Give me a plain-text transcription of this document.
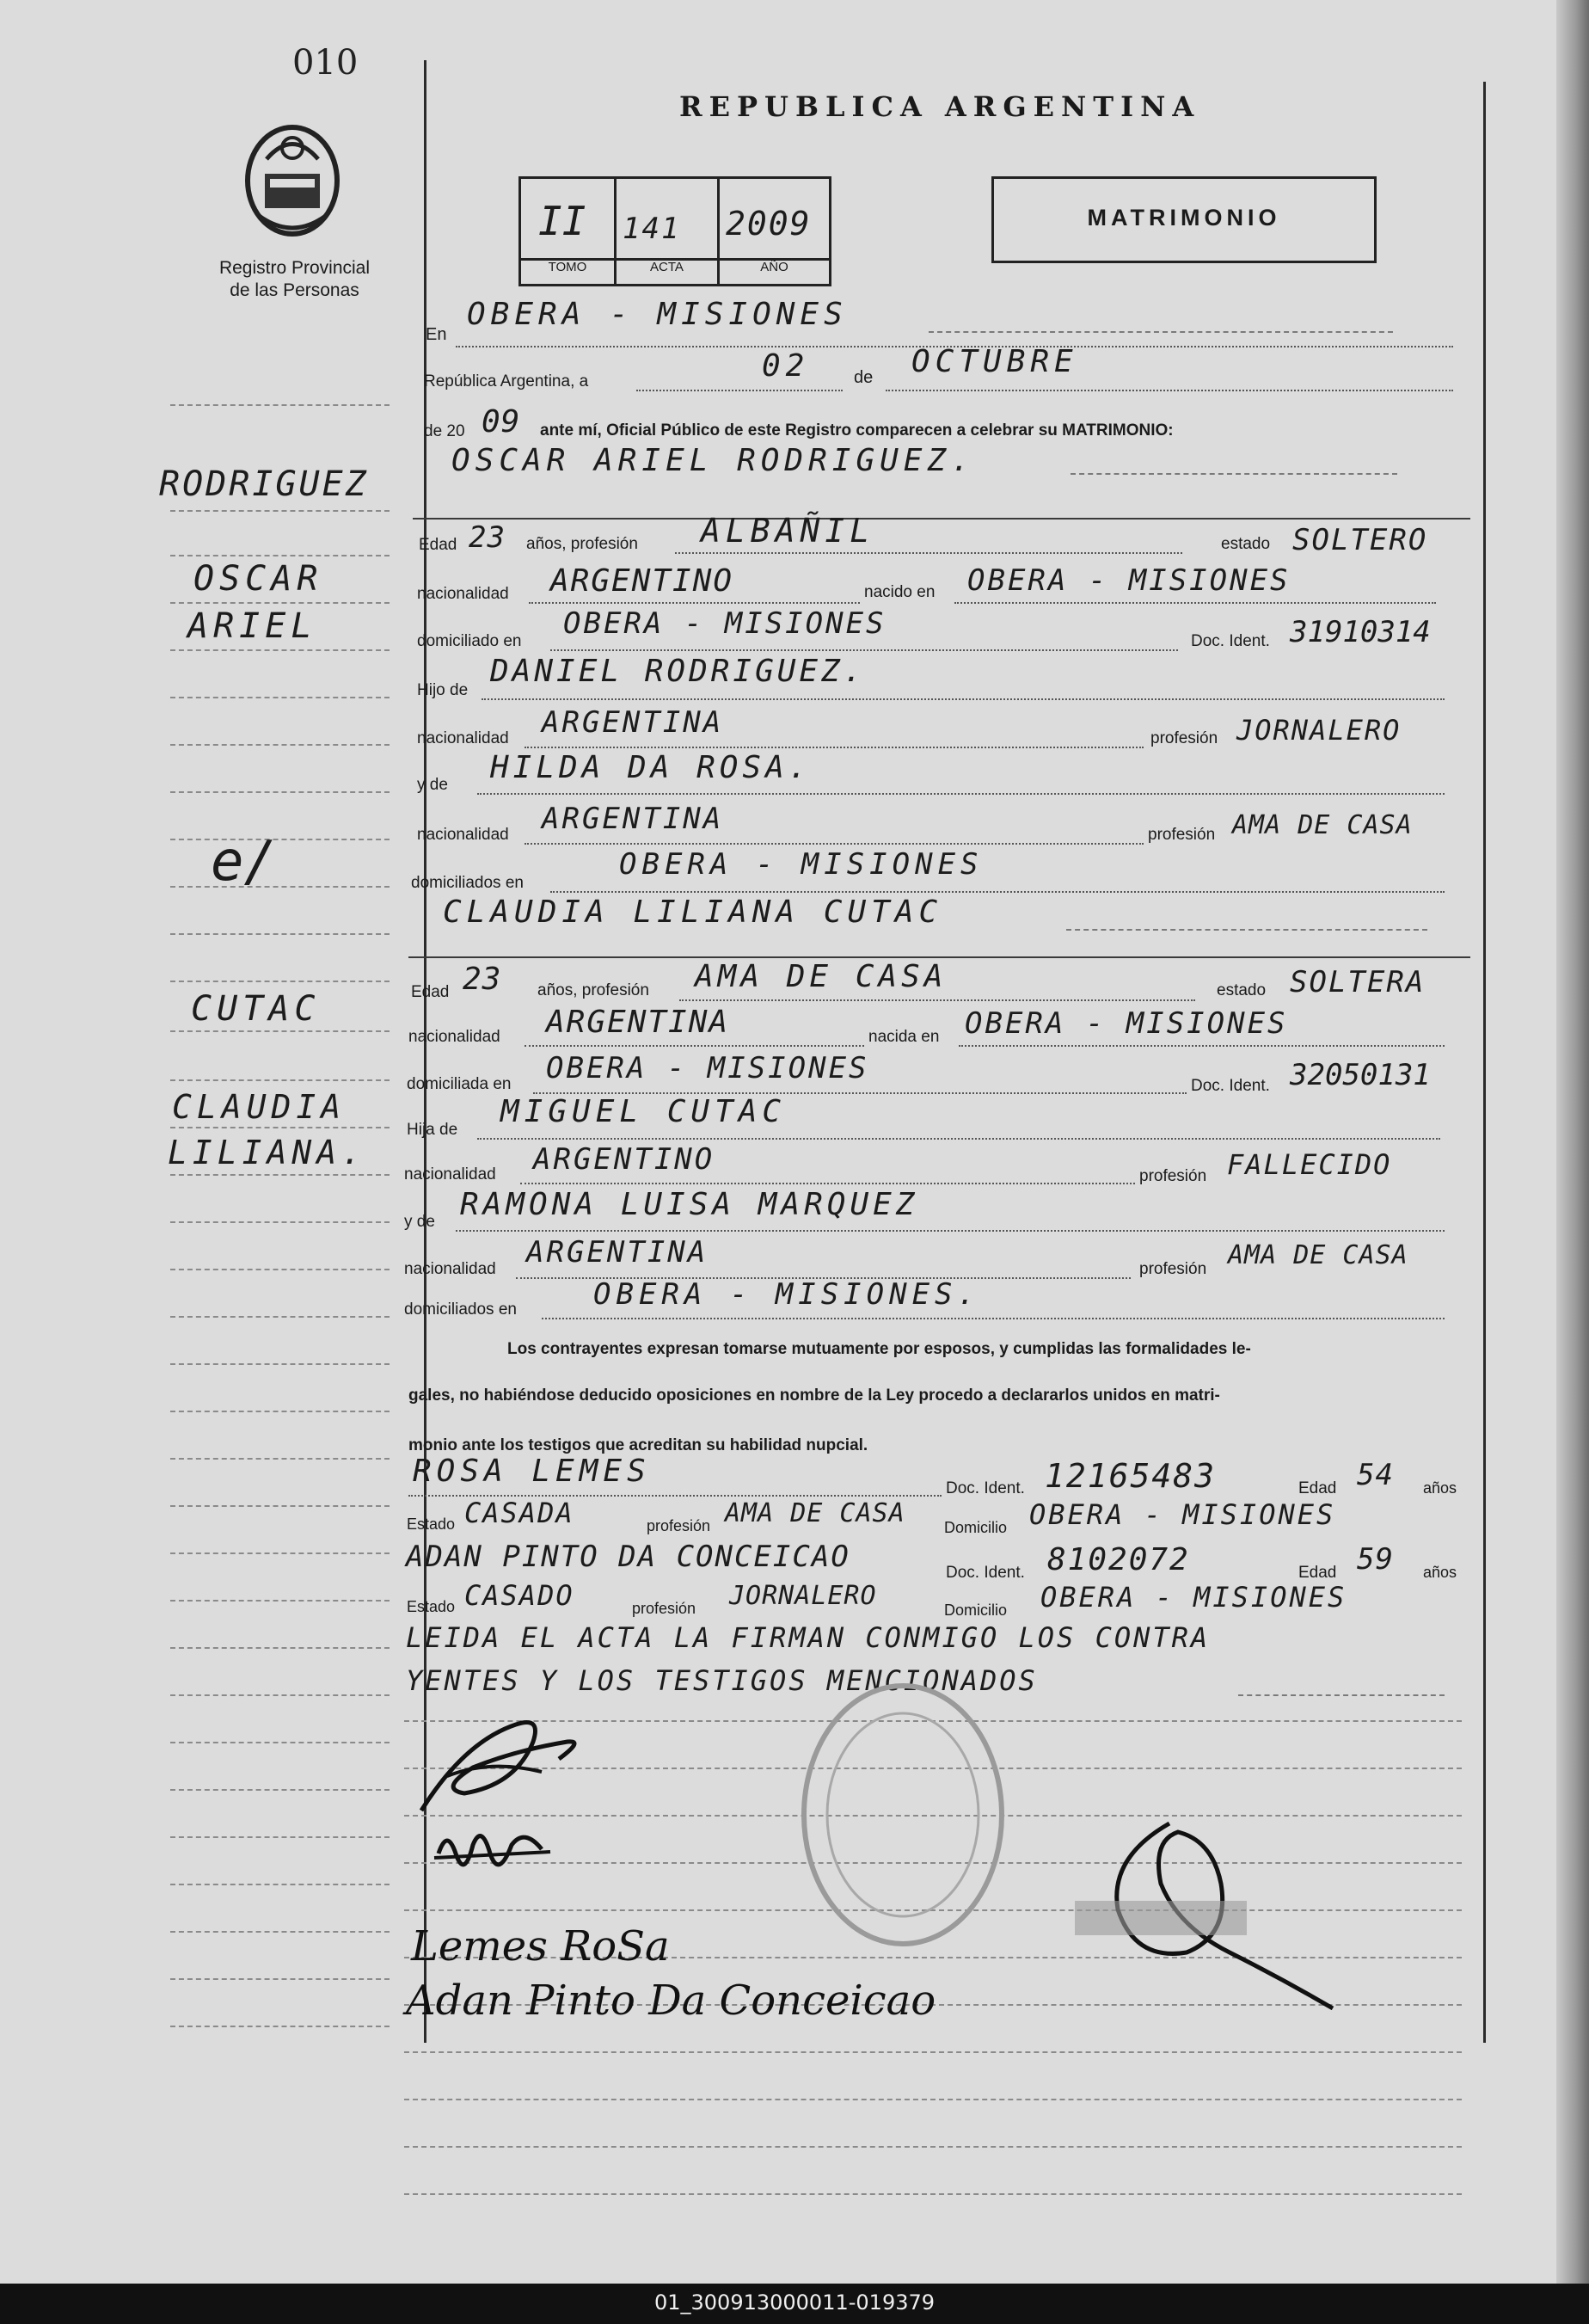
010
Registro Provincial
de las Personas
REPUBLICA ARGENTINA
II 141 2009
TOMO	ACTA	AÑO
MATRIMONIO
En
OBERA - MISIONES
República Argentina, a	02	de OCTUBRE
de 20 09 ante mí, Oficial Público de este Registro comparecen a celebrar su MATRIMONIO:
RODRIGUEZ
OSCAR
ARIEL
e/
CUTAC
CLAUDIA
LILIANA.
OSCAR ARIEL RODRIGUEZ.
Edad 23 años, profesión ALBAÑIL	estado SOLTERO
nacionalidad ARGENTINO	nacido en OBERA - MISIONES
domiciliado en
OBERA - MISIONES
Doc. Ident. 31910314
Hijo de
DANIEL RODRIGUEZ.
nacionalidad ARGENTINA	profesión JORNALERO
y de HILDA DA ROSA.
nacionalidad ARGENTINA	profesión AMA DE CASA
domiciliados en
OBERA - MISIONES
CLAUDIA LILIANA CUTAC
Edad 23 años, profesión AMA DE CASA	estado SOLTERA
nacionalidad ARGENTINA	nacida en OBERA - MISIONES
domiciliada en OBERA - MISIONES
Doc. Ident. 32050131
Hija de
MIGUEL CUTAC
nacionalidad ARGENTINO	profesión FALLECIDO
y de RAMONA LUISA MARQUEZ
nacionalidad ARGENTINA	profesión AMA DE CASA
domiciliados en	OBERA - MISIONES.
Los contrayentes expresan tomarse mutuamente por esposos, y cumplidas las formalidades le-
gales, no habiéndose deducido oposiciones en nombre de la Ley procedo a declararlos unidos en matri-
monio ante los testigos que acreditan su habilidad nupcial.
ROSA LEMES	Doc. Ident. 12165483	Edad 54 años
Estado CASADA	profesión AMA DE CASA	Domicilio OBERA - MISIONES
ADAN PINTO DA CONCEICAO	Doc. Ident. 8102072	Edad 59 años
Estado CASADO	profesión JORNALERO	Domicilio OBERA - MISIONES
LEIDA EL ACTA LA FIRMAN CONMIGO LOS CONTRA
YENTES Y LOS TESTIGOS MENCIONADOS
Lemes RoSa
Adan Pinto Da Conceicao
01_300913000011-019379
